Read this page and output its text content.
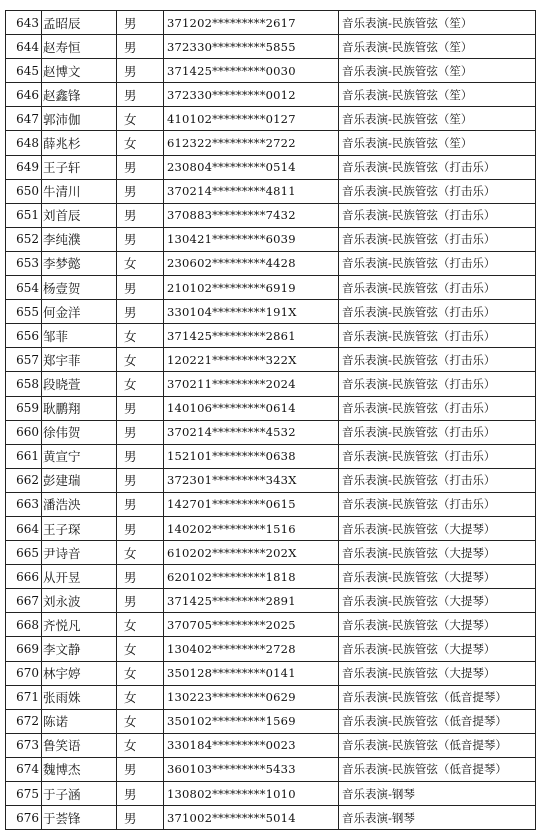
643	孟昭辰	男	371202*********2617	音乐表演-民族管弦（笙）
644	赵寿恒	男	372330*********5855	音乐表演-民族管弦（笙）
645	赵博文	男	371425*********0030	音乐表演-民族管弦（笙）
646	赵鑫锋	男	372330*********0012	音乐表演-民族管弦（笙）
647	郭沛伽	女	410102*********0127	音乐表演-民族管弦（笙）
648	薛兆杉	女	612322*********2722	音乐表演-民族管弦（笙）
649	王子轩	男	230804*********0514	音乐表演-民族管弦（打击乐）
650	牛清川	男	370214*********4811	音乐表演-民族管弦（打击乐）
651	刘首辰	男	370883*********7432	音乐表演-民族管弦（打击乐）
652	李纯濮	男	130421*********6039	音乐表演-民族管弦（打击乐）
653	李梦懿	女	230602*********4428	音乐表演-民族管弦（打击乐）
654	杨壹贺	男	210102*********6919	音乐表演-民族管弦（打击乐）
655	何金洋	男	330104*********191X	音乐表演-民族管弦（打击乐）
656	邹菲	女	371425*********2861	音乐表演-民族管弦（打击乐）
657	郑宇菲	女	120221*********322X	音乐表演-民族管弦（打击乐）
658	段晓萱	女	370211*********2024	音乐表演-民族管弦（打击乐）
659	耿鹏翔	男	140106*********0614	音乐表演-民族管弦（打击乐）
660	徐伟贺	男	370214*********4532	音乐表演-民族管弦（打击乐）
661	黄宣宁	男	152101*********0638	音乐表演-民族管弦（打击乐）
662	彭建瑞	男	372301*********343X	音乐表演-民族管弦（打击乐）
663	潘浩泱	男	142701*********0615	音乐表演-民族管弦（打击乐）
664	王子琛	男	140202*********1516	音乐表演-民族管弦（大提琴）
665	尹诗音	女	610202*********202X	音乐表演-民族管弦（大提琴）
666	从开昱	男	620102*********1818	音乐表演-民族管弦（大提琴）
667	刘永波	男	371425*********2891	音乐表演-民族管弦（大提琴）
668	齐悦凡	女	370705*********2025	音乐表演-民族管弦（大提琴）
669	李文静	女	130402*********2728	音乐表演-民族管弦（大提琴）
670	林宇婷	女	350128*********0141	音乐表演-民族管弦（大提琴）
671	张雨姝	女	130223*********0629	音乐表演-民族管弦（低音提琴）
672	陈诺	女	350102*********1569	音乐表演-民族管弦（低音提琴）
673	鲁笑语	女	330184*********0023	音乐表演-民族管弦（低音提琴）
674	魏博杰	男	360103*********5433	音乐表演-民族管弦（低音提琴）
675	于子涵	男	130802*********1010	音乐表演-钢琴
676	于荟锋	男	371002*********5014	音乐表演-钢琴
